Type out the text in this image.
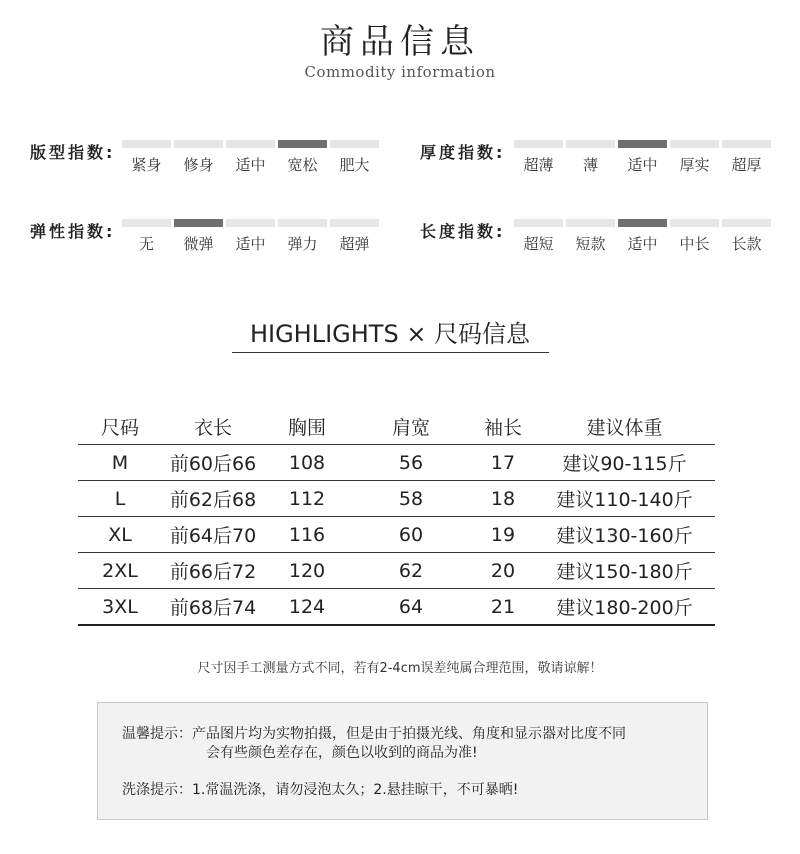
商品信息
Commodity information
版型指数:
紧身	修身	适中	宽松	肥大
厚度指数:
超薄	薄	适中	厚实	超厚
弹性指数:
无	微弹	适中	弹力	超弹
长度指数:
超短	短款	适中	中长	长款
HIGHLIGHTS × 尺码信息
尺码	衣长	胸围	肩宽	袖长	建议体重
M	前60后66	108	56	17	建议90-115斤
L	前62后68	112	58	18	建议110-140斤
XL	前64后70	116	60	19	建议130-160斤
2XL	前66后72	120	62	20	建议150-180斤
3XL	前68后74	124	64	21	建议180-200斤
尺寸因手工测量方式不同，若有2-4cm误差纯属合理范围，敬请谅解！
温馨提示：产品图片均为实物拍摄，但是由于拍摄光线、角度和显示器对比度不同
会有些颜色差存在，颜色以收到的商品为准!
洗涤提示：1.常温洗涤，请勿浸泡太久；2.悬挂晾干，不可暴晒!
